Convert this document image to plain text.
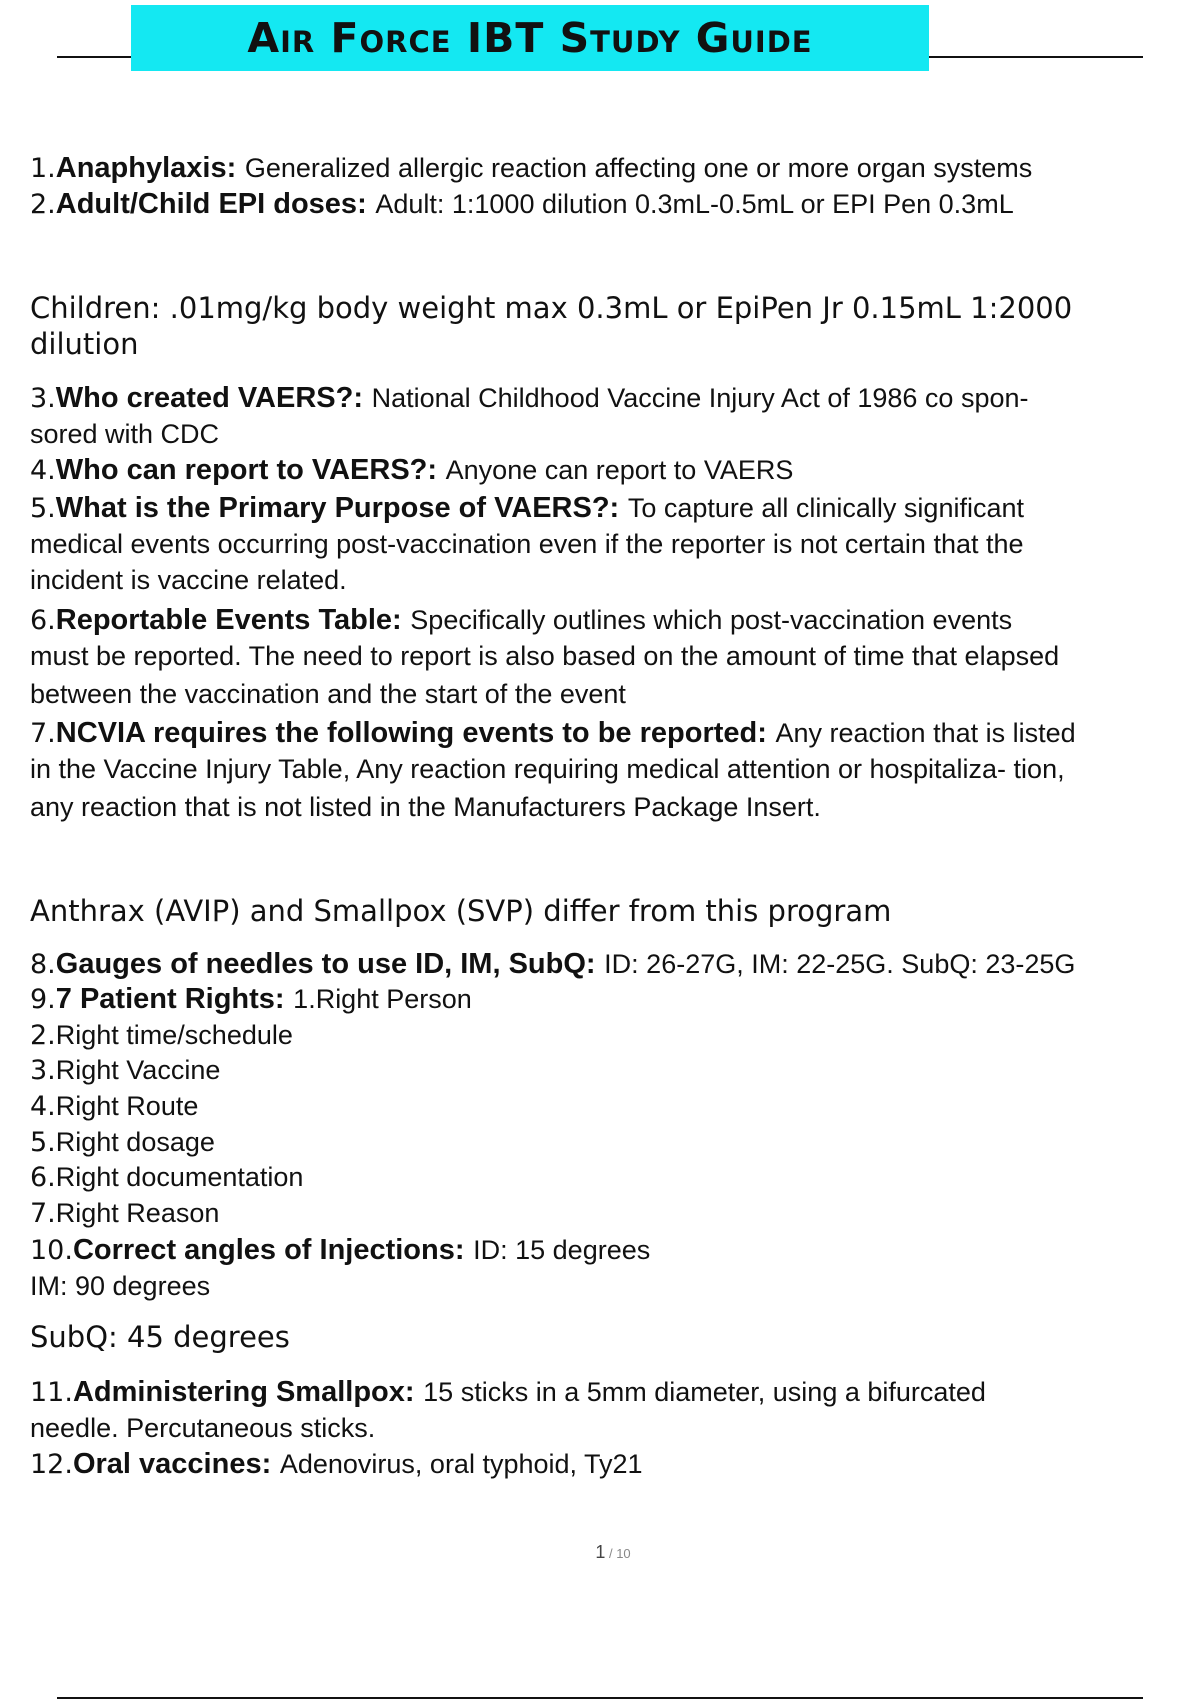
Air Force IBT Study Guide

1.Anaphylaxis: Generalized allergic reaction affecting one or more organ systems

2.Adult/Child EPI doses: Adult: 1:1000 dilution 0.3mL-0.5mL or EPI Pen 0.3mL

Children: .01mg/kg body weight max 0.3mL or EpiPen Jr 0.15mL 1:2000

dilution

3.Who created VAERS?: National Childhood Vaccine Injury Act of 1986 co spon-

sored with CDC

4.Who can report to VAERS?: Anyone can report to VAERS

5.What is the Primary Purpose of VAERS?: To capture all clinically significant

medical events occurring post-vaccination even if the reporter is not certain that the

incident is vaccine related.

6.Reportable Events Table: Specifically outlines which post-vaccination events

must be reported. The need to report is also based on the amount of time that elapsed

between the vaccination and the start of the event

7.NCVIA requires the following events to be reported: Any reaction that is listed

in the Vaccine Injury Table, Any reaction requiring medical attention or hospitaliza- tion,

any reaction that is not listed in the Manufacturers Package Insert.

Anthrax (AVIP) and Smallpox (SVP) differ from this program

8.Gauges of needles to use ID, IM, SubQ: ID: 26-27G, IM: 22-25G. SubQ: 23-25G

9.7 Patient Rights: 1.Right Person

2.Right time/schedule

3.Right Vaccine

4.Right Route

5.Right dosage

6.Right documentation

7.Right Reason

10.Correct angles of Injections: ID: 15 degrees

IM: 90 degrees

SubQ: 45 degrees

11.Administering Smallpox: 15 sticks in a 5mm diameter, using a bifurcated

needle. Percutaneous sticks.

12.Oral vaccines: Adenovirus, oral typhoid, Ty21

1 / 10
